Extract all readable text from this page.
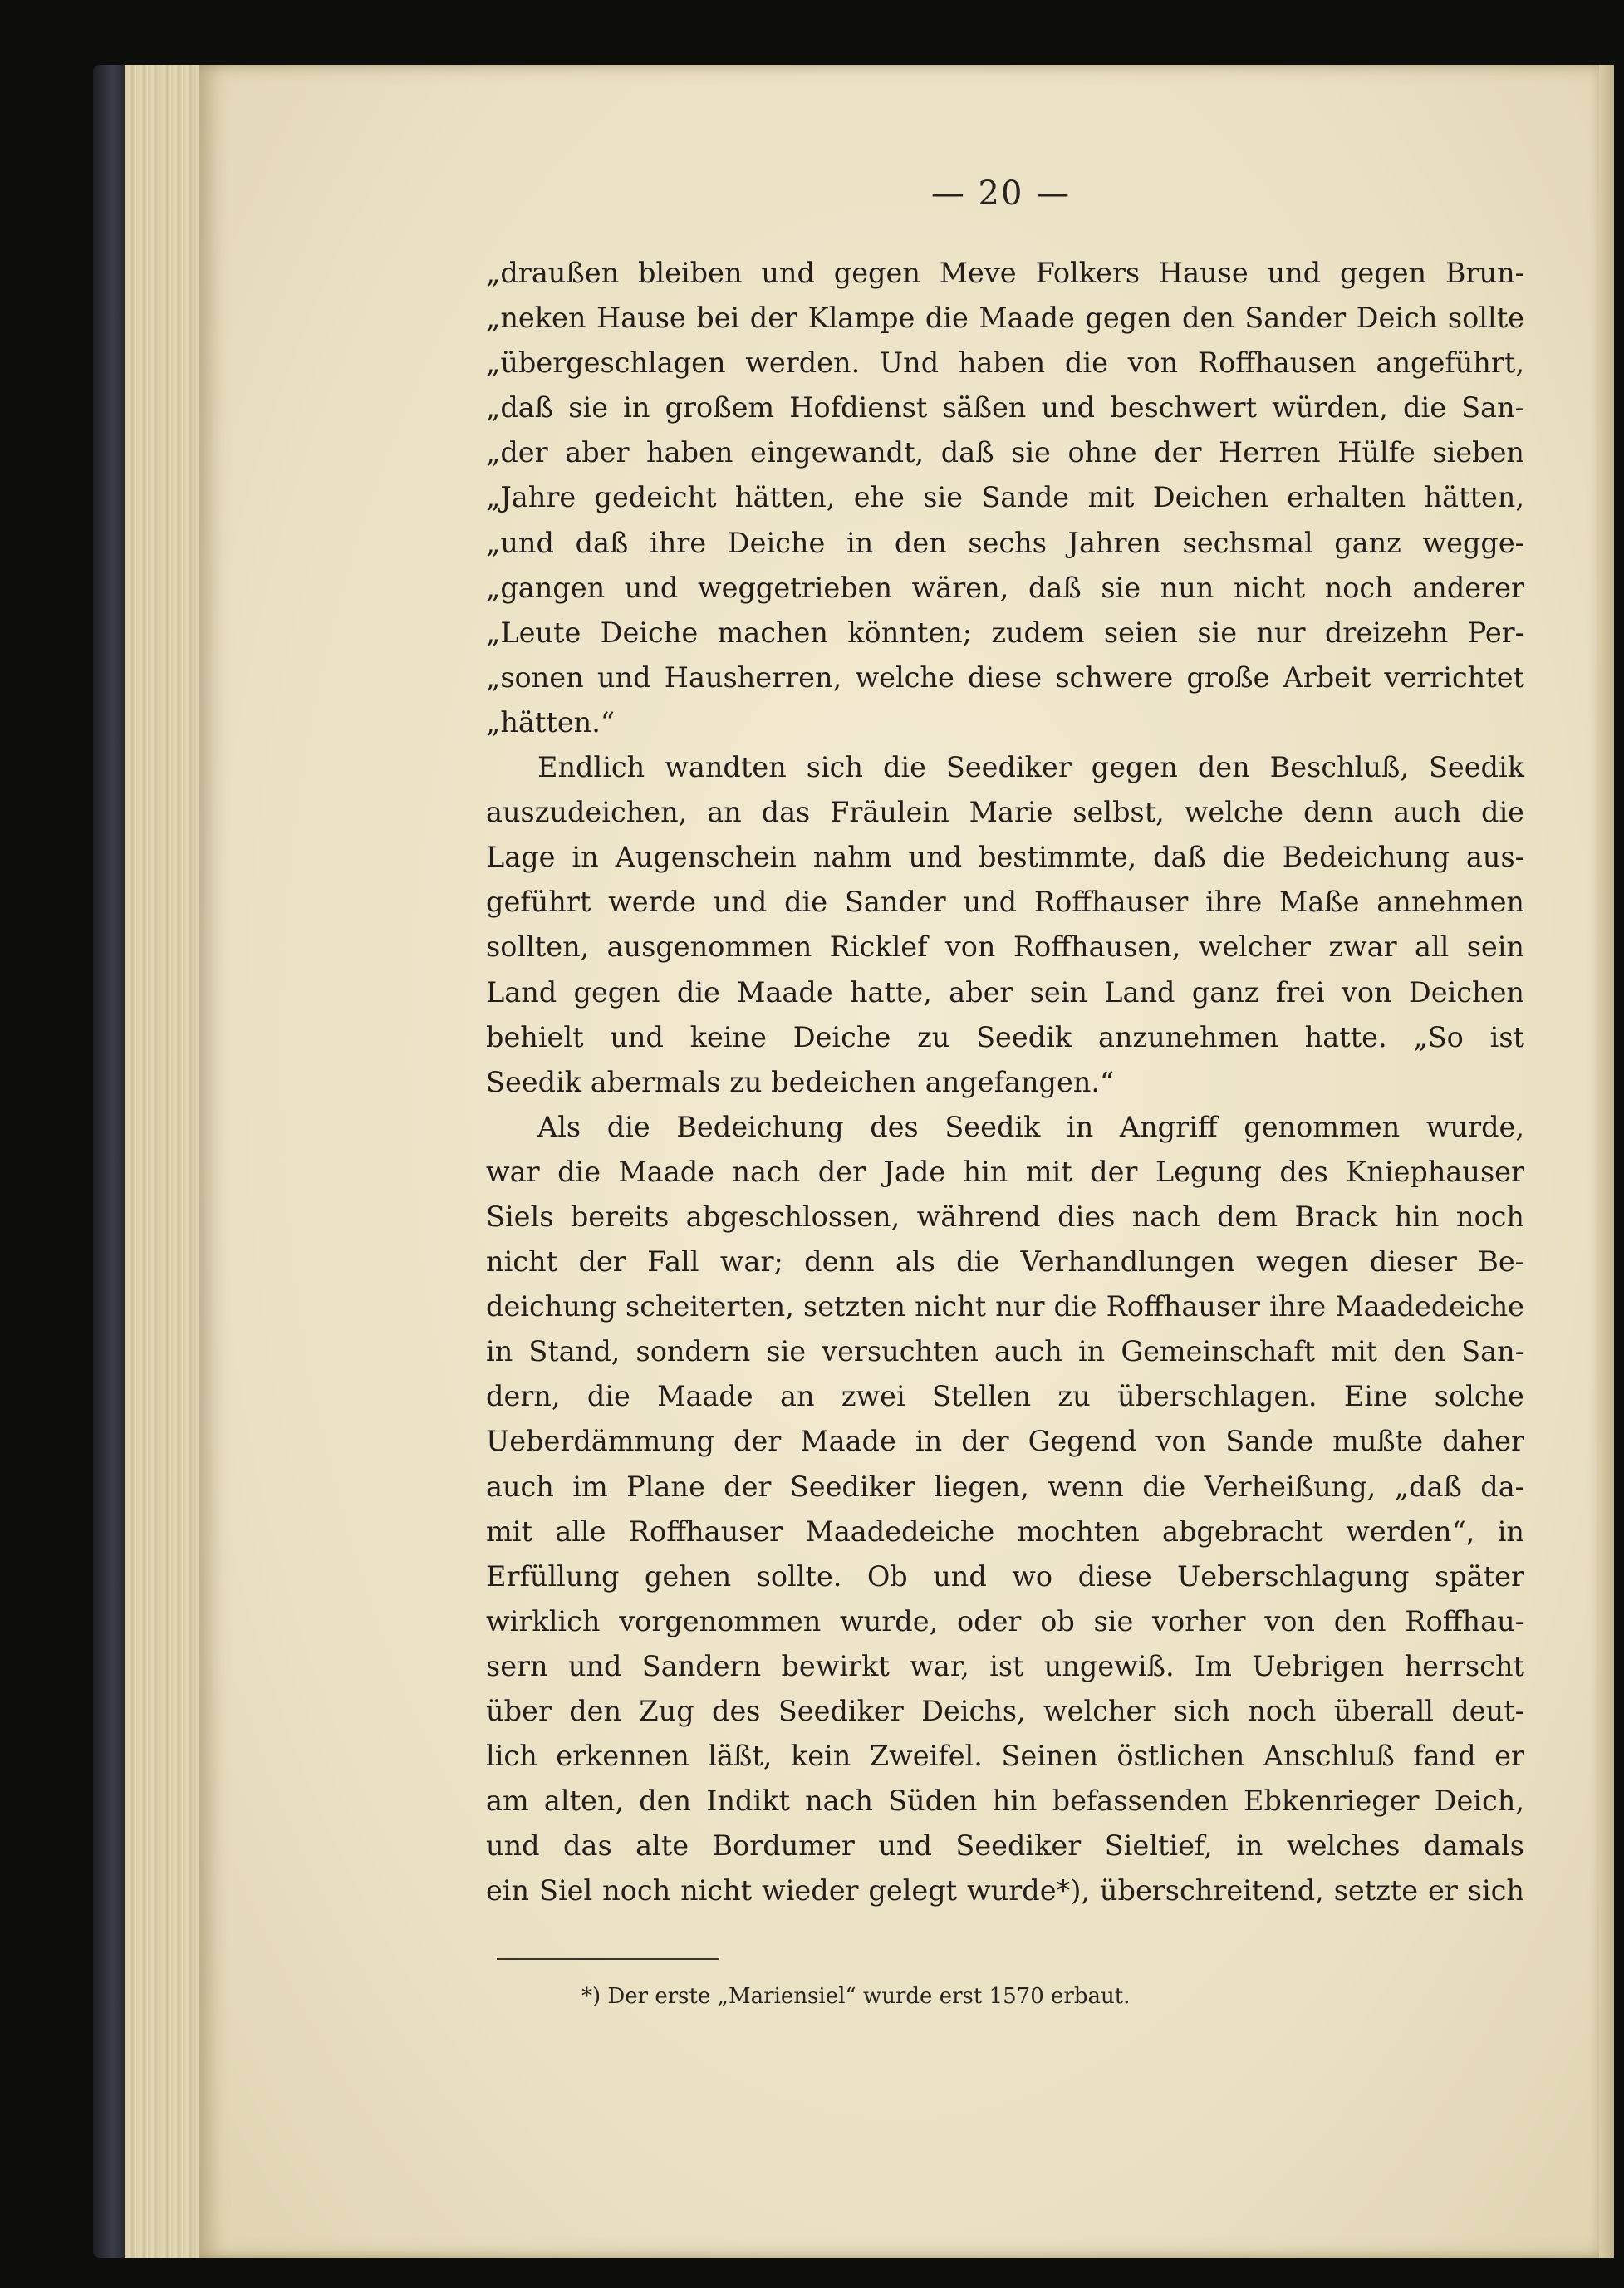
— 20 —
„draußen bleiben und gegen Meve Folkers Hause und gegen Brun-
„neken Hause bei der Klampe die Maade gegen den Sander Deich sollte
„übergeschlagen werden. Und haben die von Roffhausen angeführt,
„daß sie in großem Hofdienst säßen und beschwert würden, die San-
„der aber haben eingewandt, daß sie ohne der Herren Hülfe sieben
„Jahre gedeicht hätten, ehe sie Sande mit Deichen erhalten hätten,
„und daß ihre Deiche in den sechs Jahren sechsmal ganz wegge-
„gangen und weggetrieben wären, daß sie nun nicht noch anderer
„Leute Deiche machen könnten; zudem seien sie nur dreizehn Per-
„sonen und Hausherren, welche diese schwere große Arbeit verrichtet
„hätten.“
Endlich wandten sich die Seediker gegen den Beschluß, Seedik
auszudeichen, an das Fräulein Marie selbst, welche denn auch die
Lage in Augenschein nahm und bestimmte, daß die Bedeichung aus-
geführt werde und die Sander und Roffhauser ihre Maße annehmen
sollten, ausgenommen Ricklef von Roffhausen, welcher zwar all sein
Land gegen die Maade hatte, aber sein Land ganz frei von Deichen
behielt und keine Deiche zu Seedik anzunehmen hatte. „So ist
Seedik abermals zu bedeichen angefangen.“
Als die Bedeichung des Seedik in Angriff genommen wurde,
war die Maade nach der Jade hin mit der Legung des Kniephauser
Siels bereits abgeschlossen, während dies nach dem Brack hin noch
nicht der Fall war; denn als die Verhandlungen wegen dieser Be-
deichung scheiterten, setzten nicht nur die Roffhauser ihre Maadedeiche
in Stand, sondern sie versuchten auch in Gemeinschaft mit den San-
dern, die Maade an zwei Stellen zu überschlagen. Eine solche
Ueberdämmung der Maade in der Gegend von Sande mußte daher
auch im Plane der Seediker liegen, wenn die Verheißung, „daß da-
mit alle Roffhauser Maadedeiche mochten abgebracht werden“, in
Erfüllung gehen sollte. Ob und wo diese Ueberschlagung später
wirklich vorgenommen wurde, oder ob sie vorher von den Roffhau-
sern und Sandern bewirkt war, ist ungewiß. Im Uebrigen herrscht
über den Zug des Seediker Deichs, welcher sich noch überall deut-
lich erkennen läßt, kein Zweifel. Seinen östlichen Anschluß fand er
am alten, den Indikt nach Süden hin befassenden Ebkenrieger Deich,
und das alte Bordumer und Seediker Sieltief, in welches damals
ein Siel noch nicht wieder gelegt wurde*), überschreitend, setzte er sich
*) Der erste „Mariensiel“ wurde erst 1570 erbaut.
